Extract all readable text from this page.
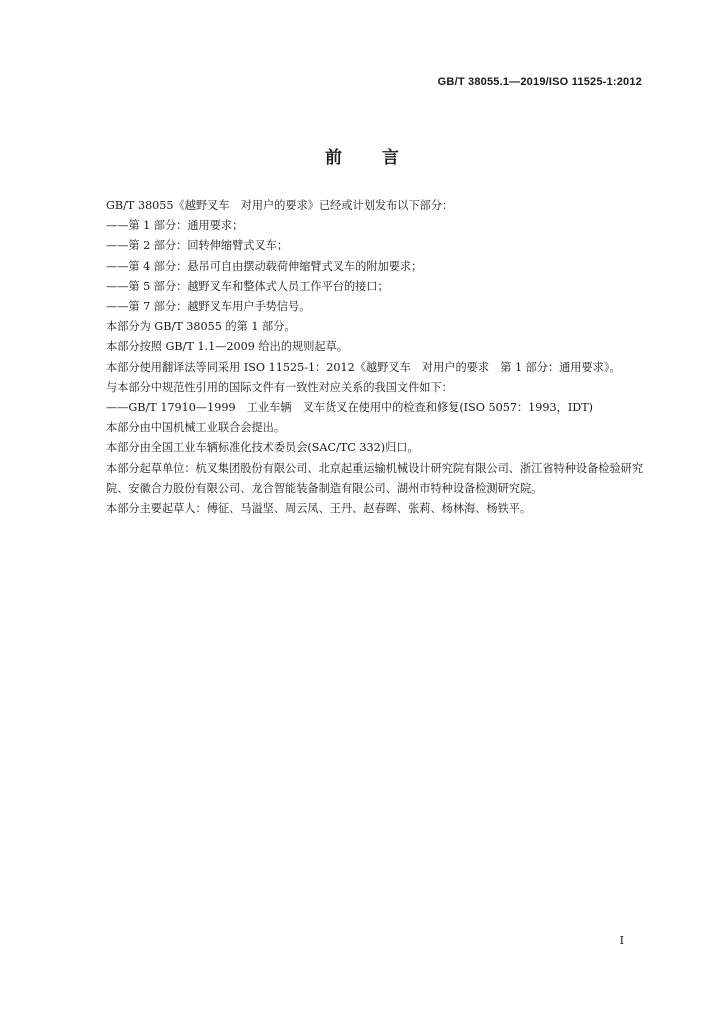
GB/T 38055.1—2019/ISO 11525-1:2012
前言

GB/T 38055《越野叉车　对用户的要求》已经或计划发布以下部分：

——第 1 部分：通用要求；

——第 2 部分：回转伸缩臂式叉车；

——第 4 部分：悬吊可自由摆动载荷伸缩臂式叉车的附加要求；

——第 5 部分：越野叉车和整体式人员工作平台的接口；

——第 7 部分：越野叉车用户手势信号。

本部分为 GB/T 38055 的第 1 部分。

本部分按照 GB/T 1.1—2009 给出的规则起草。

本部分使用翻译法等同采用 ISO 11525-1：2012《越野叉车　对用户的要求　第 1 部分：通用要求》。

与本部分中规范性引用的国际文件有一致性对应关系的我国文件如下：

——GB/T 17910—1999　工业车辆　叉车货叉在使用中的检查和修复(ISO 5057：1993，IDT)

本部分由中国机械工业联合会提出。

本部分由全国工业车辆标准化技术委员会(SAC/TC 332)归口。

本部分起草单位：杭叉集团股份有限公司、北京起重运输机械设计研究院有限公司、浙江省特种设备检验研究院、安徽合力股份有限公司、龙合智能装备制造有限公司、湖州市特种设备检测研究院。

本部分主要起草人：傅征、马溢坚、周云凤、王丹、赵春晖、张莉、杨林海、杨铁平。

I
